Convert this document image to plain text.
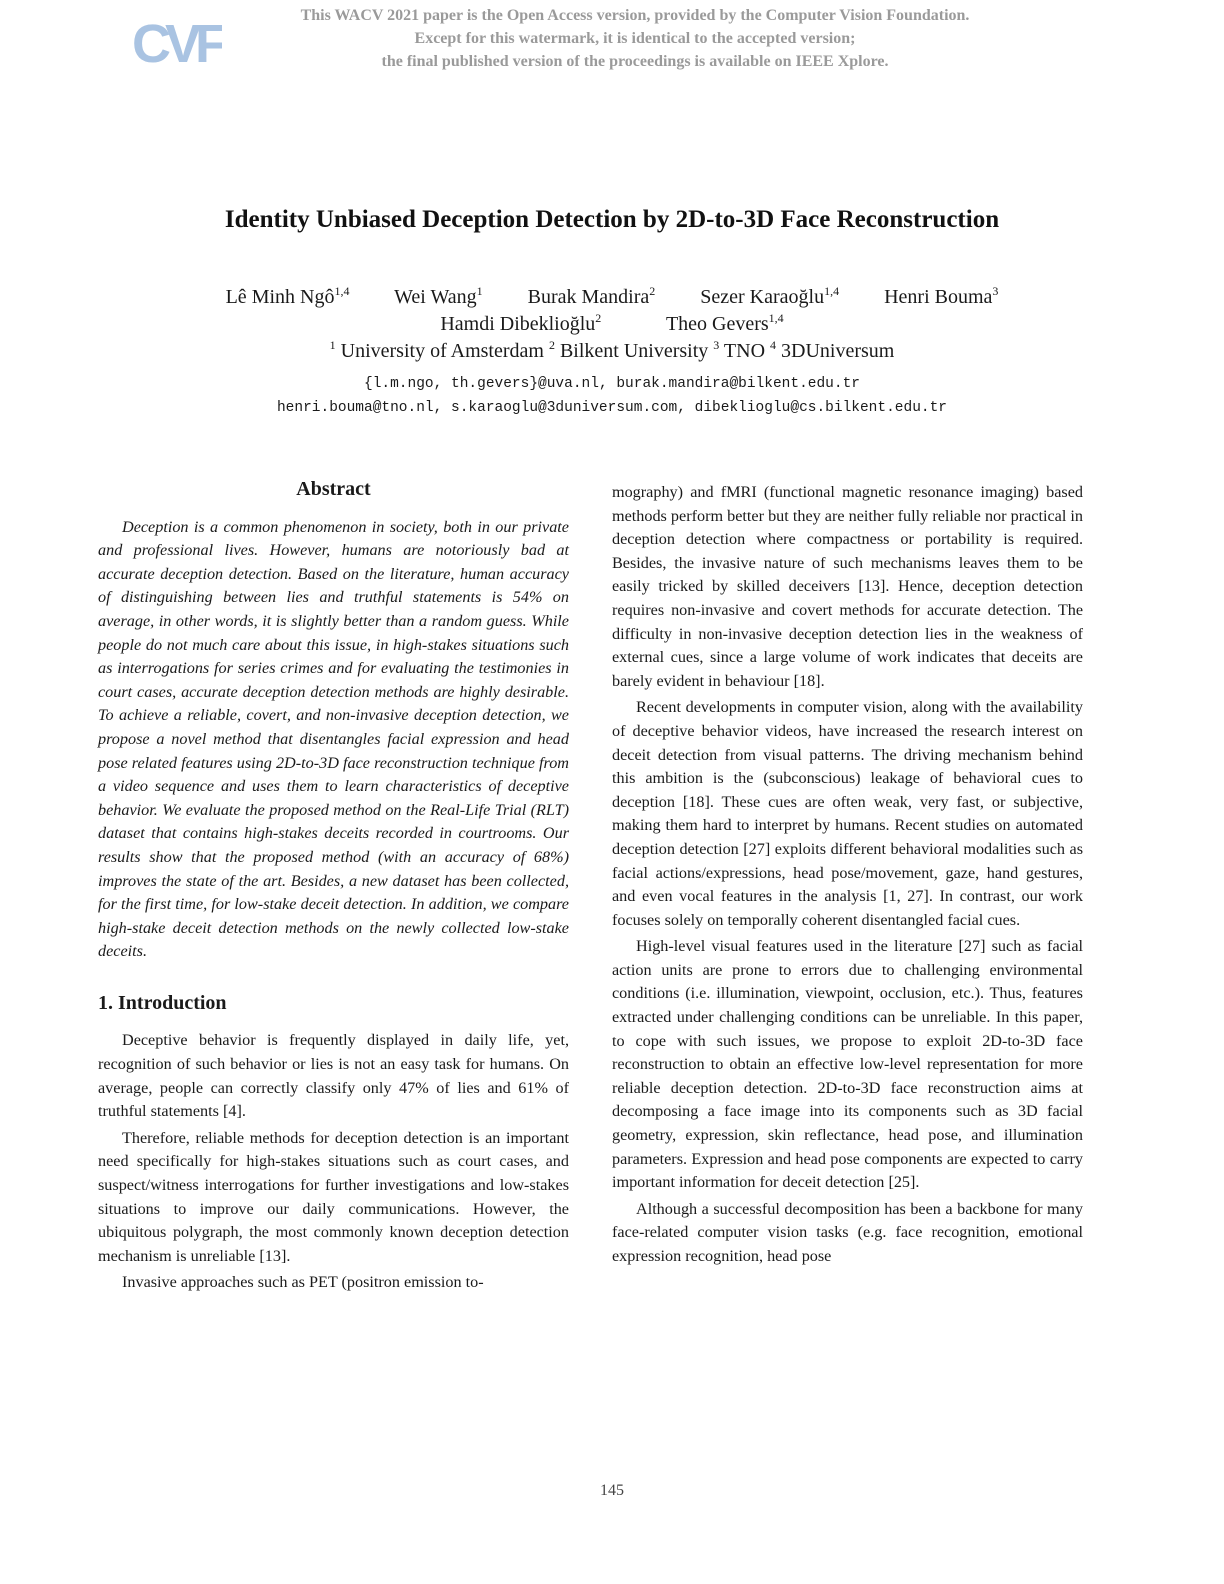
CVF	This WACV 2021 paper is the Open Access version, provided by the Computer Vision Foundation.
Except for this watermark, it is identical to the accepted version;
the final published version of the proceedings is available on IEEE Xplore.
Identity Unbiased Deception Detection by 2D-to-3D Face Reconstruction
Lê Minh Ngô$^{1,4}$ Wei Wang$^1$ Burak Mandira$^2$ Sezer Karaoğlu$^{1,4}$ Henri Bouma$^3$
Hamdi Dibeklioğlu$^2$	Theo Gevers$^{1,4}$
$^1$ University of Amsterdam $^2$ Bilkent University $^3$ TNO $^4$ 3DUniversum
{l.m.ngo, th.gevers}@uva.nl, burak.mandira@bilkent.edu.tr
henri.bouma@tno.nl, s.karaoglu@3duniversum.com, dibeklioglu@cs.bilkent.edu.tr
Abstract

Deception is a common phenomenon in society, both in our private and professional lives. However, humans are notoriously bad at accurate deception detection. Based on the literature, human accuracy of distinguishing between lies and truthful statements is 54% on average, in other words, it is slightly better than a random guess. While people do not much care about this issue, in high-stakes situations such as interrogations for series crimes and for evaluating the testimonies in court cases, accurate deception detection methods are highly desirable. To achieve a reliable, covert, and non-invasive deception detection, we propose a novel method that disentangles facial expression and head pose related features using 2D-to-3D face reconstruction technique from a video sequence and uses them to learn characteristics of deceptive behavior. We evaluate the proposed method on the Real-Life Trial (RLT) dataset that contains high-stakes deceits recorded in courtrooms. Our results show that the proposed method (with an accuracy of 68%) improves the state of the art. Besides, a new dataset has been collected, for the first time, for low-stake deceit detection. In addition, we compare high-stake deceit detection methods on the newly collected low-stake deceits.

1. Introduction

Deceptive behavior is frequently displayed in daily life, yet, recognition of such behavior or lies is not an easy task for humans. On average, people can correctly classify only 47% of lies and 61% of truthful statements [4].

Therefore, reliable methods for deception detection is an important need specifically for high-stakes situations such as court cases, and suspect/witness interrogations for further investigations and low-stakes situations to improve our daily communications. However, the ubiquitous polygraph, the most commonly known deception detection mechanism is unreliable [13].

Invasive approaches such as PET (positron emission to-

mography) and fMRI (functional magnetic resonance imaging) based methods perform better but they are neither fully reliable nor practical in deception detection where compactness or portability is required. Besides, the invasive nature of such mechanisms leaves them to be easily tricked by skilled deceivers [13]. Hence, deception detection requires non-invasive and covert methods for accurate detection. The difficulty in non-invasive deception detection lies in the weakness of external cues, since a large volume of work indicates that deceits are barely evident in behaviour [18].

Recent developments in computer vision, along with the availability of deceptive behavior videos, have increased the research interest on deceit detection from visual patterns. The driving mechanism behind this ambition is the (subconscious) leakage of behavioral cues to deception [18]. These cues are often weak, very fast, or subjective, making them hard to interpret by humans. Recent studies on automated deception detection [27] exploits different behavioral modalities such as facial actions/expressions, head pose/movement, gaze, hand gestures, and even vocal features in the analysis [1, 27]. In contrast, our work focuses solely on temporally coherent disentangled facial cues.

High-level visual features used in the literature [27] such as facial action units are prone to errors due to challenging environmental conditions (i.e. illumination, viewpoint, occlusion, etc.). Thus, features extracted under challenging conditions can be unreliable. In this paper, to cope with such issues, we propose to exploit 2D-to-3D face reconstruction to obtain an effective low-level representation for more reliable deception detection. 2D-to-3D face reconstruction aims at decomposing a face image into its components such as 3D facial geometry, expression, skin reflectance, head pose, and illumination parameters. Expression and head pose components are expected to carry important information for deceit detection [25].

Although a successful decomposition has been a backbone for many face-related computer vision tasks (e.g. face recognition, emotional expression recognition, head pose

145
